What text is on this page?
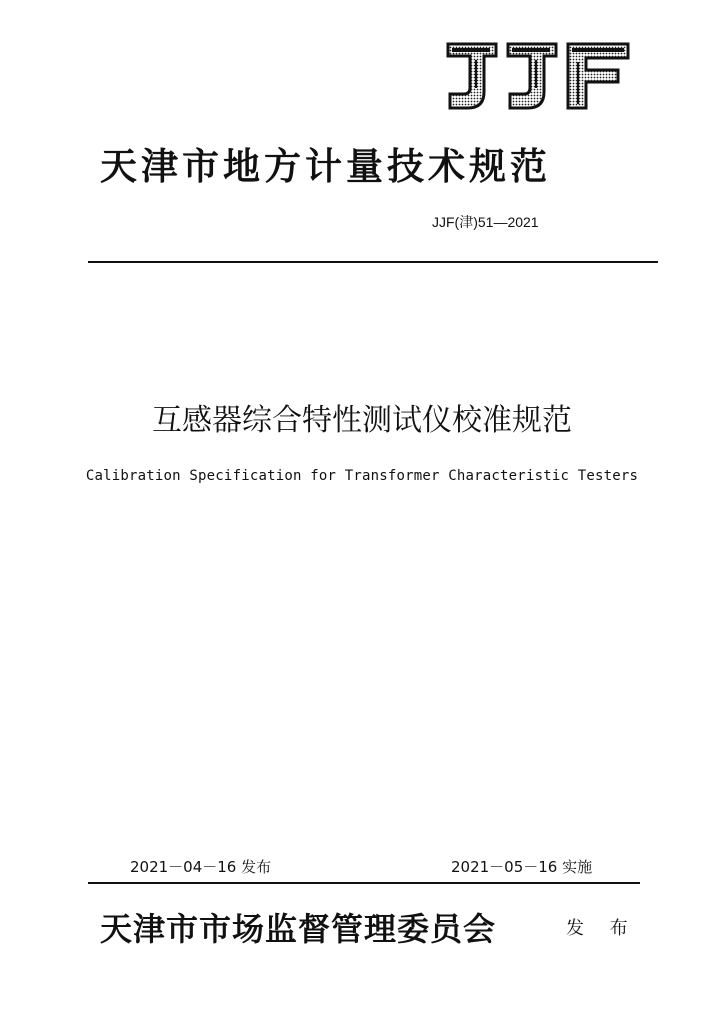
天津市地方计量技术规范
JJF(津)51—2021
互感器综合特性测试仪校准规范
Calibration Specification for Transformer Characteristic Testers
2021－04－16 发布	2021－05－16 实施
天津市市场监督管理委员会	发 布
